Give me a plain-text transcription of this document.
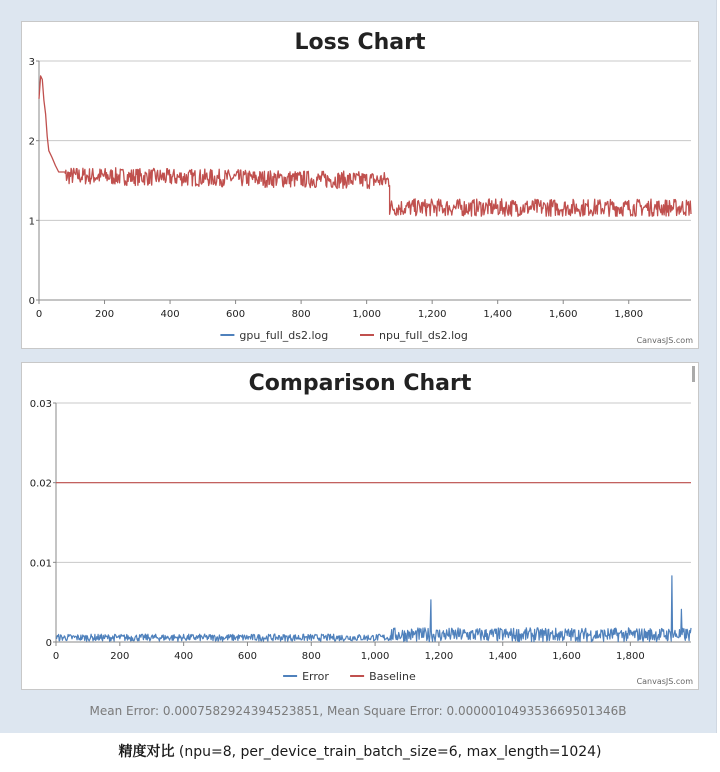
Loss Chart
0
1
2
3
0	200	400	600	800	1,000	1,200	1,400	1,600	1,800
gpu_full_ds2.log	npu_full_ds2.log	CanvasJS.com
Comparison Chart
0
0.01
0.02
0.03
0	200	400	600	800	1,000	1,200	1,400	1,600	1,800
Error	Baseline	CanvasJS.com
Mean Error: 0.0007582924394523851, Mean Square Error: 0.000001049353669501346B
精度对比 (npu=8, per_device_train_batch_size=6, max_length=1024)
